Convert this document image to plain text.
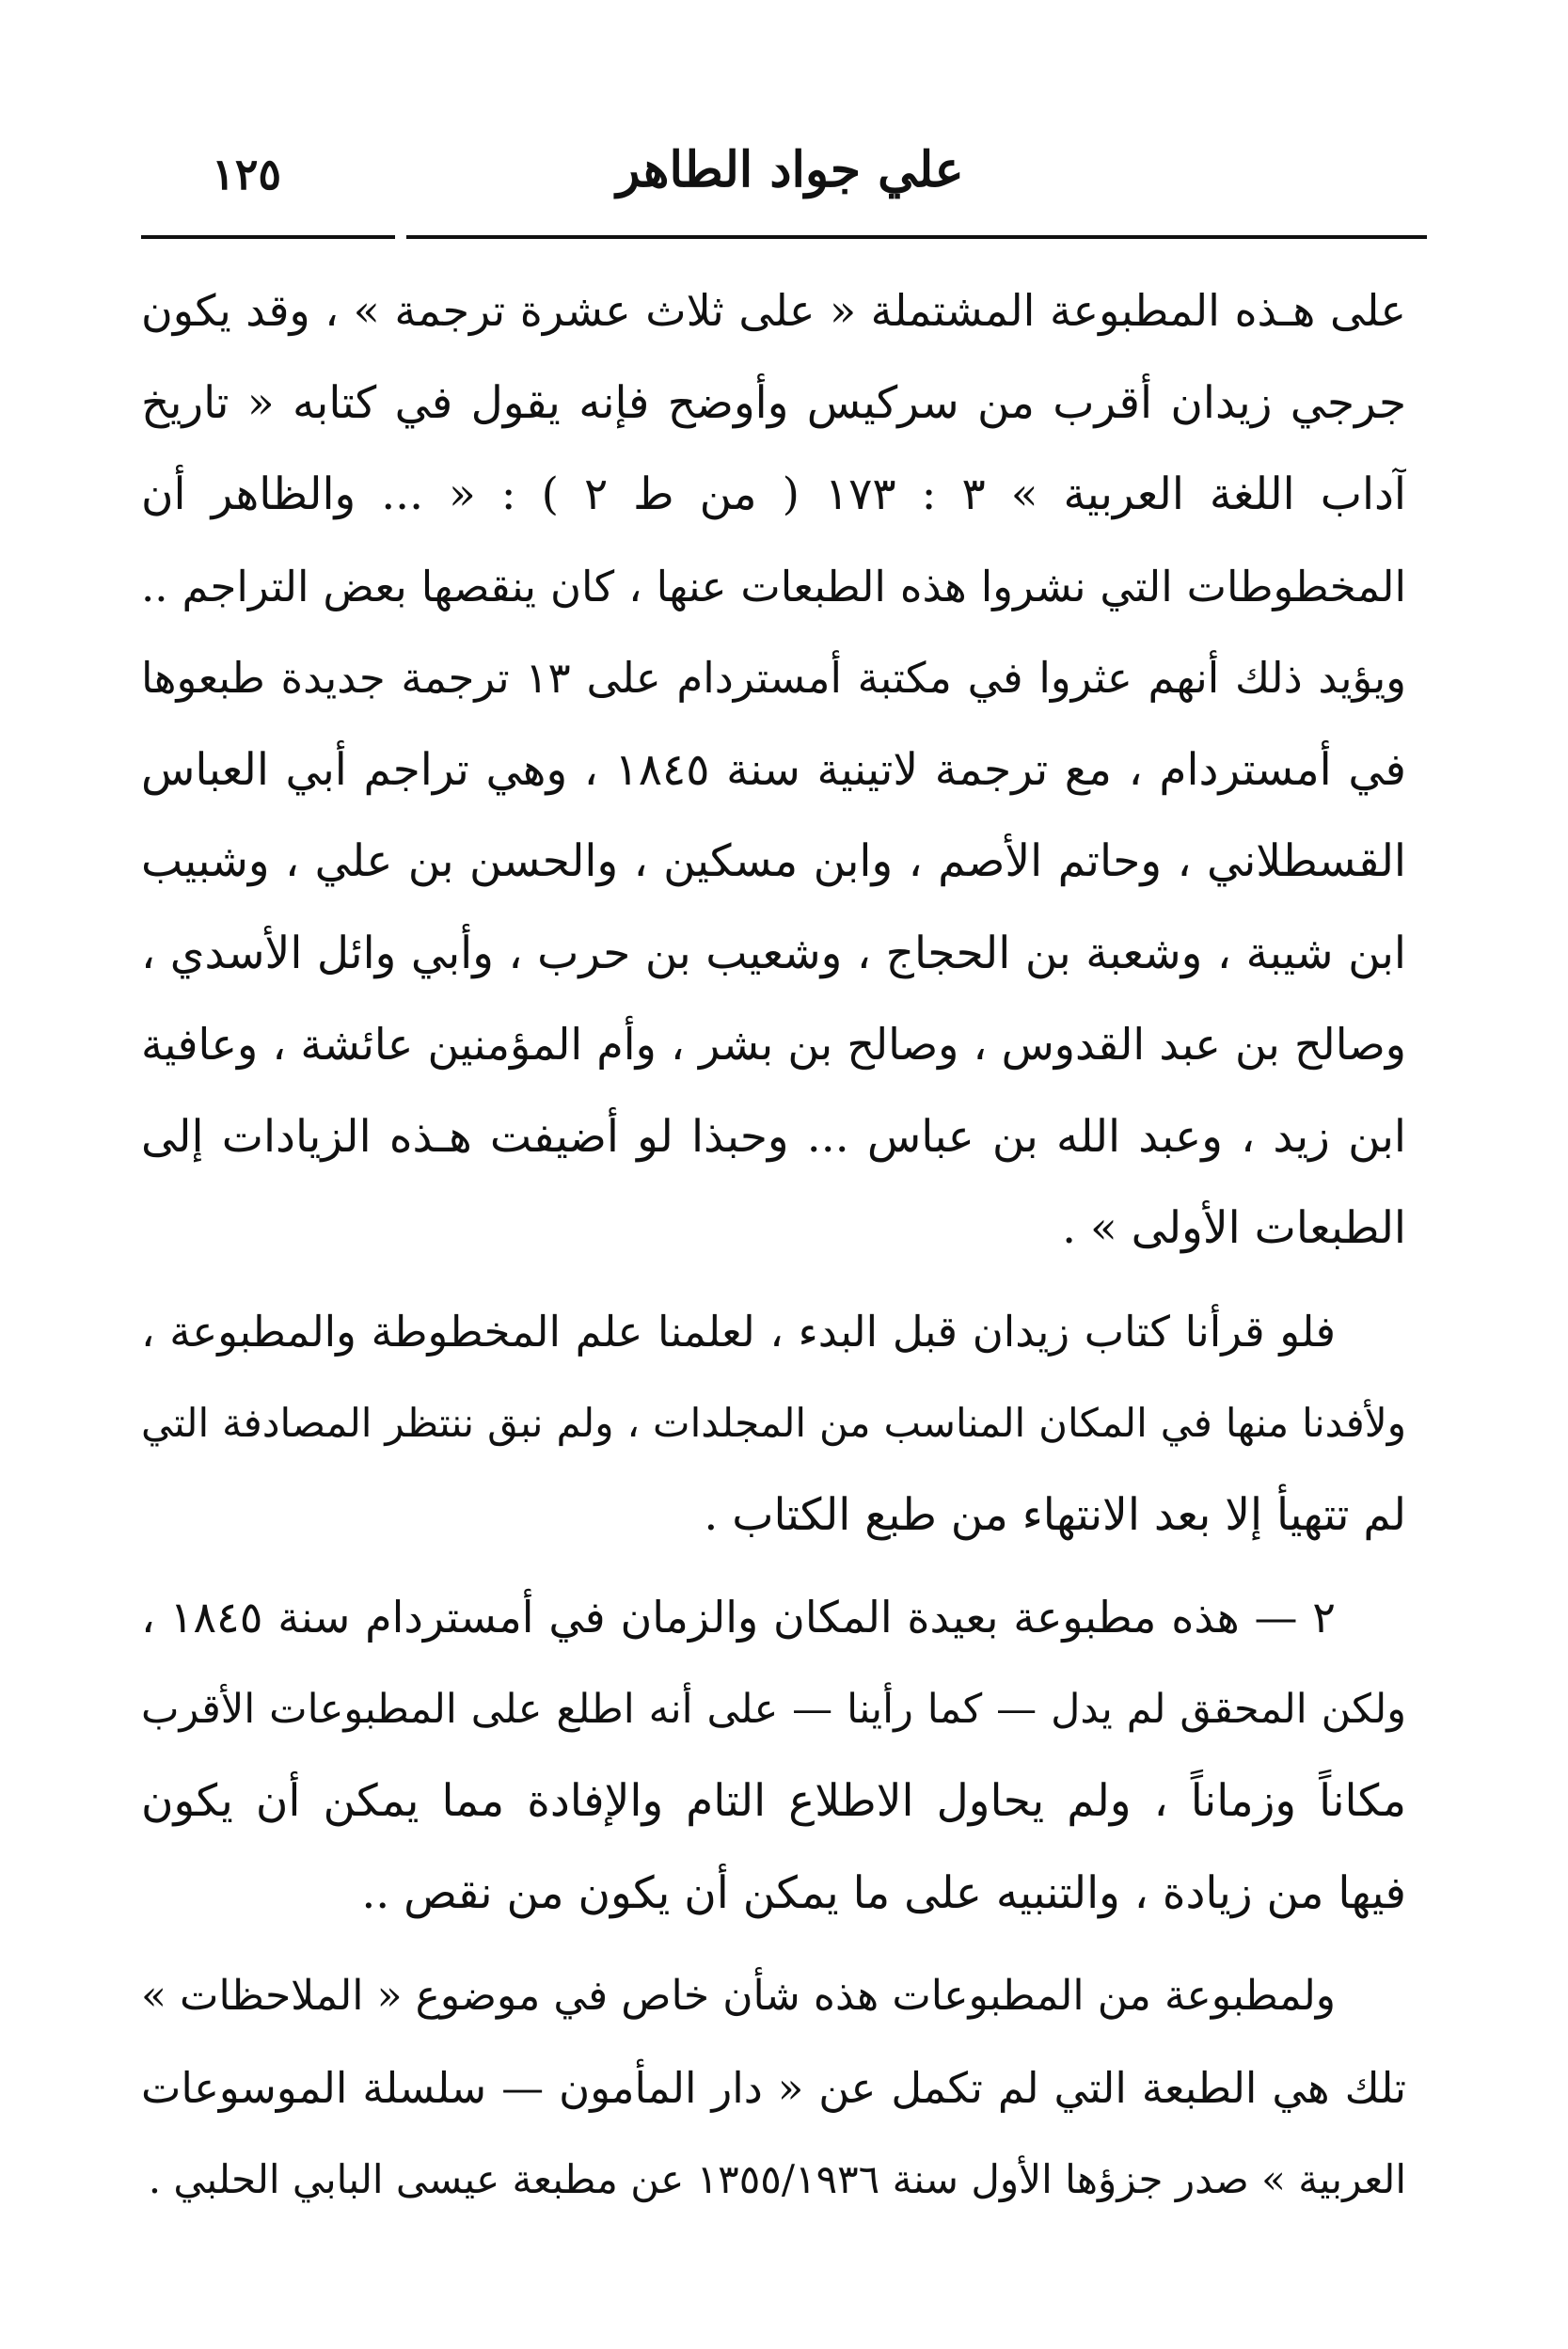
١٢٥	علي جواد الطاهر
على هـذه المطبوعة المشتملة « على ثلاث عشرة ترجمة » ، وقد يكون
جرجي زيدان أقرب من سركيس وأوضح فإنه يقول في كتابه « تاريخ
آداب اللغة العربية » ٣ : ١٧٣ ( من ط ٢ ) : « ... والظاهر أن
المخطوطات التي نشروا هذه الطبعات عنها ، كان ينقصها بعض التراجم ..
ويؤيد ذلك أنهم عثروا في مكتبة أمستردام على ١٣ ترجمة جديدة طبعوها
في أمستردام ، مع ترجمة لاتينية سنة ١٨٤٥ ، وهي تراجم أبي العباس
القسطلاني ، وحاتم الأصم ، وابن مسكين ، والحسن بن علي ، وشبيب
ابن شيبة ، وشعبة بن الحجاج ، وشعيب بن حرب ، وأبي وائل الأسدي ،
وصالح بن عبد القدوس ، وصالح بن بشر ، وأم المؤمنين عائشة ، وعافية
ابن زيد ، وعبد الله بن عباس ... وحبذا لو أضيفت هـذه الزيادات إلى
الطبعات الأولى » .
فلو قرأنا كتاب زيدان قبل البدء ، لعلمنا علم المخطوطة والمطبوعة ،
ولأفدنا منها في المكان المناسب من المجلدات ، ولم نبق ننتظر المصادفة التي
لم تتهيأ إلا بعد الانتهاء من طبع الكتاب .
٢ — هذه مطبوعة بعيدة المكان والزمان في أمستردام سنة ١٨٤٥ ،
ولكن المحقق لم يدل — كما رأينا — على أنه اطلع على المطبوعات الأقرب
مكاناً وزماناً ، ولم يحاول الاطلاع التام والإفادة مما يمكن أن يكون
فيها من زيادة ، والتنبيه على ما يمكن أن يكون من نقص ..
ولمطبوعة من المطبوعات هذه شأن خاص في موضوع « الملاحظات »
تلك هي الطبعة التي لم تكمل عن « دار المأمون — سلسلة الموسوعات
العربية » صدر جزؤها الأول سنة ١٣٥٥/١٩٣٦ عن مطبعة عيسى البابي الحلبي .
